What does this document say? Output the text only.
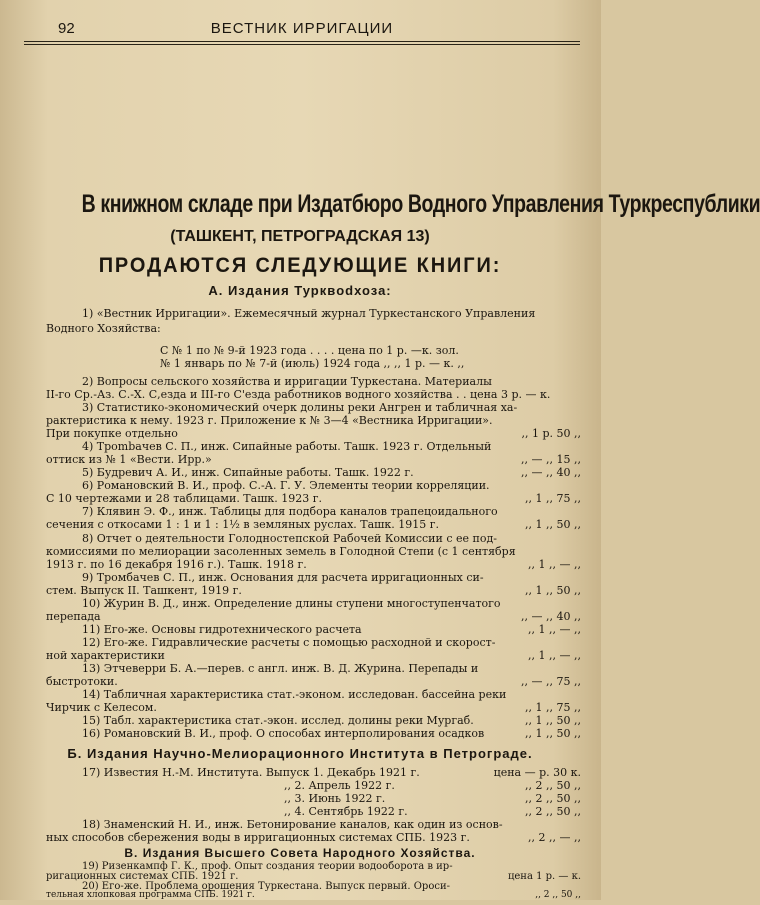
92	ВЕСТНИК ИРРИГАЦИИ
В книжном складе при Издатбюро Водного Управления Туркреспублики
(ТАШКЕНТ, ПЕТРОГРАДСКАЯ 13)
ПРОДАЮТСЯ СЛЕДУЮЩИЕ КНИГИ:
А. Издания Турквodхоза:
1) «Вестник Ирригации». Ежемесячный журнал Туркестанского Управления
Водного Хозяйства:
С № 1 по № 9-й 1923 года . . . . цена по 1 р. —к. зол.
№ 1 январь по № 7-й (июль) 1924 года ,, ,, 1 р. — к. ,,
2) Вопросы сельского хозяйства и ирригации Туркестана. Материалы
II-го Ср.-Аз. С.-Х. С,езда и III-го С'езда работников водного хозяйства . . цена 3 р. — к.
3) Статистико-экономический очерк долины реки Ангрен и табличная ха-
рактеристика к нему. 1923 г. Приложение к № 3—4 «Вестника Ирригации».
При покупке отдельно	,, 1 р. 50 ,,
4) Трombaчев С. П., инж. Сипайные работы. Ташк. 1923 г. Отдельный
оттиск из № 1 «Вести. Ирр.»	,, — ,, 15 ,,
5) Будревич А. И., инж. Сипайные работы. Ташк. 1922 г.	,, — ,, 40 ,,
6) Романовский В. И., проф. С.-А. Г. У. Элементы теории корреляции.
С 10 чертежами и 28 таблицами. Ташк. 1923 г.	,, 1 ,, 75 ,,
7) Клявин Э. Ф., инж. Таблицы для подбора каналов трапецоидального
сечения с откосами 1 : 1 и 1 : 1½ в земляных руслах. Ташк. 1915 г.	,, 1 ,, 50 ,,
8) Отчет о деятельности Голодностепской Рабочей Комиссии с ее под-
комиссиями по мелиорации засоленных земель в Голодной Степи (с 1 сентября
1913 г. по 16 декабря 1916 г.). Ташк. 1918 г.	,, 1 ,, — ,,
9) Тромбачев С. П., инж. Основания для расчета ирригационных си-
стем. Выпуск II. Ташкент, 1919 г.	,, 1 ,, 50 ,,
10) Журин В. Д., инж. Определение длины ступени многоступенчатого
перепада	,, — ,, 40 ,,
11) Его-же. Основы гидротехнического расчета	,, 1 ,, — ,,
12) Его-же. Гидравлические расчеты с помощью расходной и скорост-
ной характеристики	,, 1 ,, — ,,
13) Этчеверри Б. А.—перев. с англ. инж. В. Д. Журина. Перепады и
быстротоки.	,, — ,, 75 ,,
14) Табличная характеристика стат.-эконом. исследован. бассейна реки
Чирчик с Келесом.	,, 1 ,, 75 ,,
15) Табл. характеристика стат.-экон. исслед. долины реки Мургаб.	,, 1 ,, 50 ,,
16) Романовский В. И., проф. О способах интерполирования осадков	,, 1 ,, 50 ,,
Б. Издания Научно-Мелиорационного Института в Петрограде.
17) Известия Н.-М. Института. Выпуск 1. Декабрь 1921 г.	цена — р. 30 к.
,, 2. Апрель 1922 г.	,, 2 ,, 50 ,,
,, 3. Июнь 1922 г.	,, 2 ,, 50 ,,
,, 4. Сентябрь 1922 г.	,, 2 ,, 50 ,,
18) Знаменский Н. И., инж. Бетонирование каналов, как один из основ-
ных способов сбережения воды в ирригационных системах СПБ. 1923 г.	,, 2 ,, — ,,
В. Издания Высшего Совета Народного Хозяйства.
19) Ризенкампф Г. К., проф. Опыт создания теории водооборота в ир-
ригационных системах СПБ. 1921 г.	цена 1 р. — к.
20) Его-же. Проблема орошения Туркестана. Выпуск первый. Ороси-
тельная хлопковая программа СПБ. 1921 г.	,, 2 ,, 50 ,,
